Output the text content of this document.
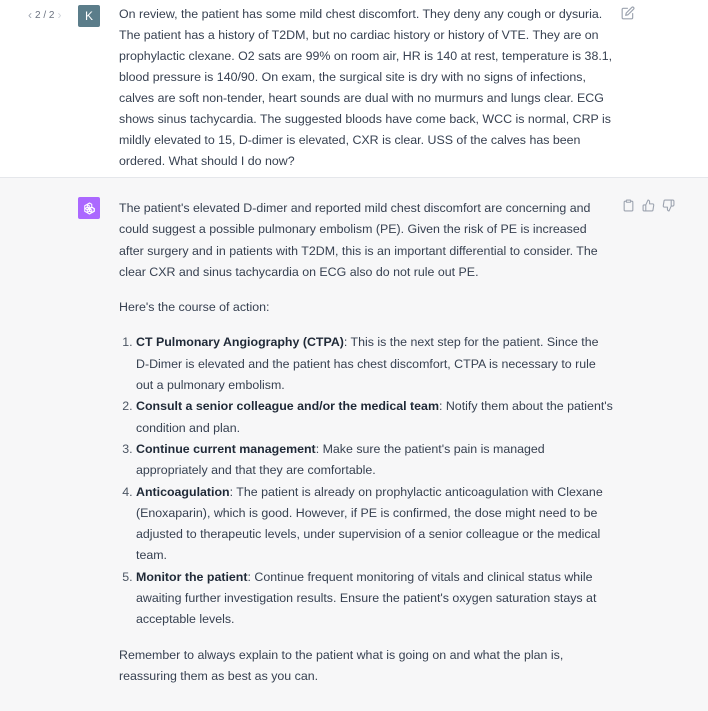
‹ 2 / 2 › K On review, the patient has some mild chest discomfort. They deny any cough or dysuria. The patient has a history of T2DM, but no cardiac history or history of VTE. They are on prophylactic clexane. O2 sats are 99% on room air, HR is 140 at rest, temperature is 38.1, blood pressure is 140/90. On exam, the surgical site is dry with no signs of infections, calves are soft non-tender, heart sounds are dual with no murmurs and lungs clear. ECG shows sinus tachycardia. The suggested bloods have come back, WCC is normal, CRP is mildly elevated to 15, D-dimer is elevated, CXR is clear. USS of the calves has been ordered. What should I do now?

The patient's elevated D-dimer and reported mild chest discomfort are concerning and could suggest a possible pulmonary embolism (PE). Given the risk of PE is increased after surgery and in patients with T2DM, this is an important differential to consider. The clear CXR and sinus tachycardia on ECG also do not rule out PE.

Here's the course of action:

1. CT Pulmonary Angiography (CTPA): This is the next step for the patient. Since the D-Dimer is elevated and the patient has chest discomfort, CTPA is necessary to rule out a pulmonary embolism.
2. Consult a senior colleague and/or the medical team: Notify them about the patient's condition and plan.
3. Continue current management: Make sure the patient's pain is managed appropriately and that they are comfortable.
4. Anticoagulation: The patient is already on prophylactic anticoagulation with Clexane (Enoxaparin), which is good. However, if PE is confirmed, the dose might need to be adjusted to therapeutic levels, under supervision of a senior colleague or the medical team.
5. Monitor the patient: Continue frequent monitoring of vitals and clinical status while awaiting further investigation results. Ensure the patient's oxygen saturation stays at acceptable levels.

Remember to always explain to the patient what is going on and what the plan is, reassuring them as best as you can.
